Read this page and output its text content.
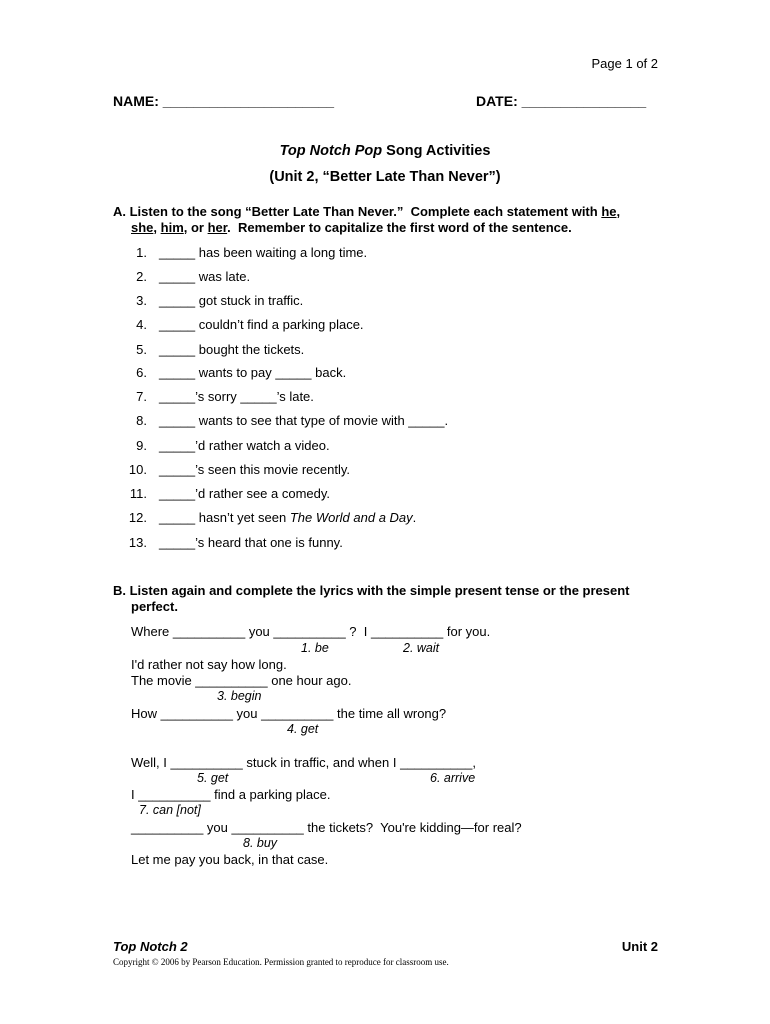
Page 1 of 2
NAME: ______________________	DATE: ________________
Top Notch Pop Song Activities
(Unit 2, “Better Late Than Never”)
A. Listen to the song “Better Late Than Never.”  Complete each statement with he,
she, him, or her.  Remember to capitalize the first word of the sentence.
1. _____ has been waiting a long time.
2. _____ was late.
3. _____ got stuck in traffic.
4. _____ couldn’t find a parking place.
5. _____ bought the tickets.
6. _____ wants to pay _____ back.
7. _____’s sorry _____’s late.
8. _____ wants to see that type of movie with _____.
9. _____’d rather watch a video.
10. _____’s seen this movie recently.
11. _____’d rather see a comedy.
12. _____ hasn’t yet seen The World and a Day.
13. _____’s heard that one is funny.
B. Listen again and complete the lyrics with the simple present tense or the present
perfect.
Where __________ you __________ ?  I __________ for you.
1. be	2. wait
I'd rather not say how long.
The movie __________ one hour ago.
3. begin
How __________ you __________ the time all wrong?
4. get
Well, I __________ stuck in traffic, and when I __________,
5. get	6. arrive
I __________ find a parking place.
7. can [not]
__________ you __________ the tickets?  You're kidding—for real?
8. buy
Let me pay you back, in that case.
Top Notch 2	Unit 2
Copyright © 2006 by Pearson Education. Permission granted to reproduce for classroom use.
